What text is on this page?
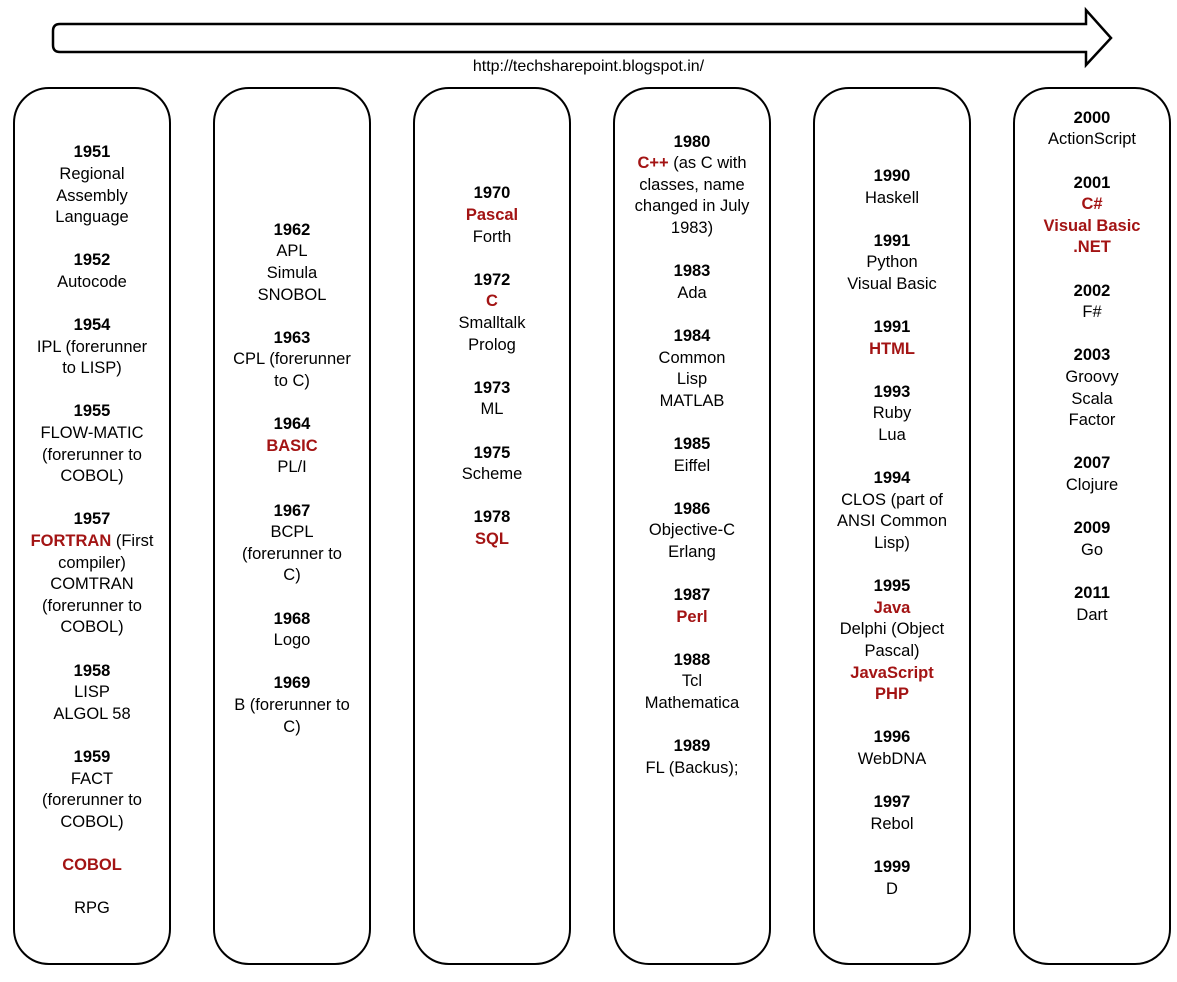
http://techsharepoint.blogspot.in/
1951
Regional
Assembly
Language
1952
Autocode
1954
IPL (forerunner
to LISP)
1955
FLOW-MATIC
(forerunner to
COBOL)
1957
FORTRAN (First
compiler)
COMTRAN
(forerunner to
COBOL)
1958
LISP
ALGOL 58
1959
FACT
(forerunner to
COBOL)
COBOL
RPG
1962
APL
Simula
SNOBOL
1963
CPL (forerunner
to C)
1964
BASIC
PL/I
1967
BCPL
(forerunner to
C)
1968
Logo
1969
B (forerunner to
C)
1970
Pascal
Forth
1972
C
Smalltalk
Prolog
1973
ML
1975
Scheme
1978
SQL
1980
C++ (as C with
classes, name
changed in July
1983)
1983
Ada
1984
Common
Lisp
MATLAB
1985
Eiffel
1986
Objective-C
Erlang
1987
Perl
1988
Tcl
Mathematica
1989
FL (Backus);
1990
Haskell
1991
Python
Visual Basic
1991
HTML
1993
Ruby
Lua
1994
CLOS (part of
ANSI Common
Lisp)
1995
Java
Delphi (Object
Pascal)
JavaScript
PHP
1996
WebDNA
1997
Rebol
1999
D
2000
ActionScript
2001
C#
Visual Basic
.NET
2002
F#
2003
Groovy
Scala
Factor
2007
Clojure
2009
Go
2011
Dart
